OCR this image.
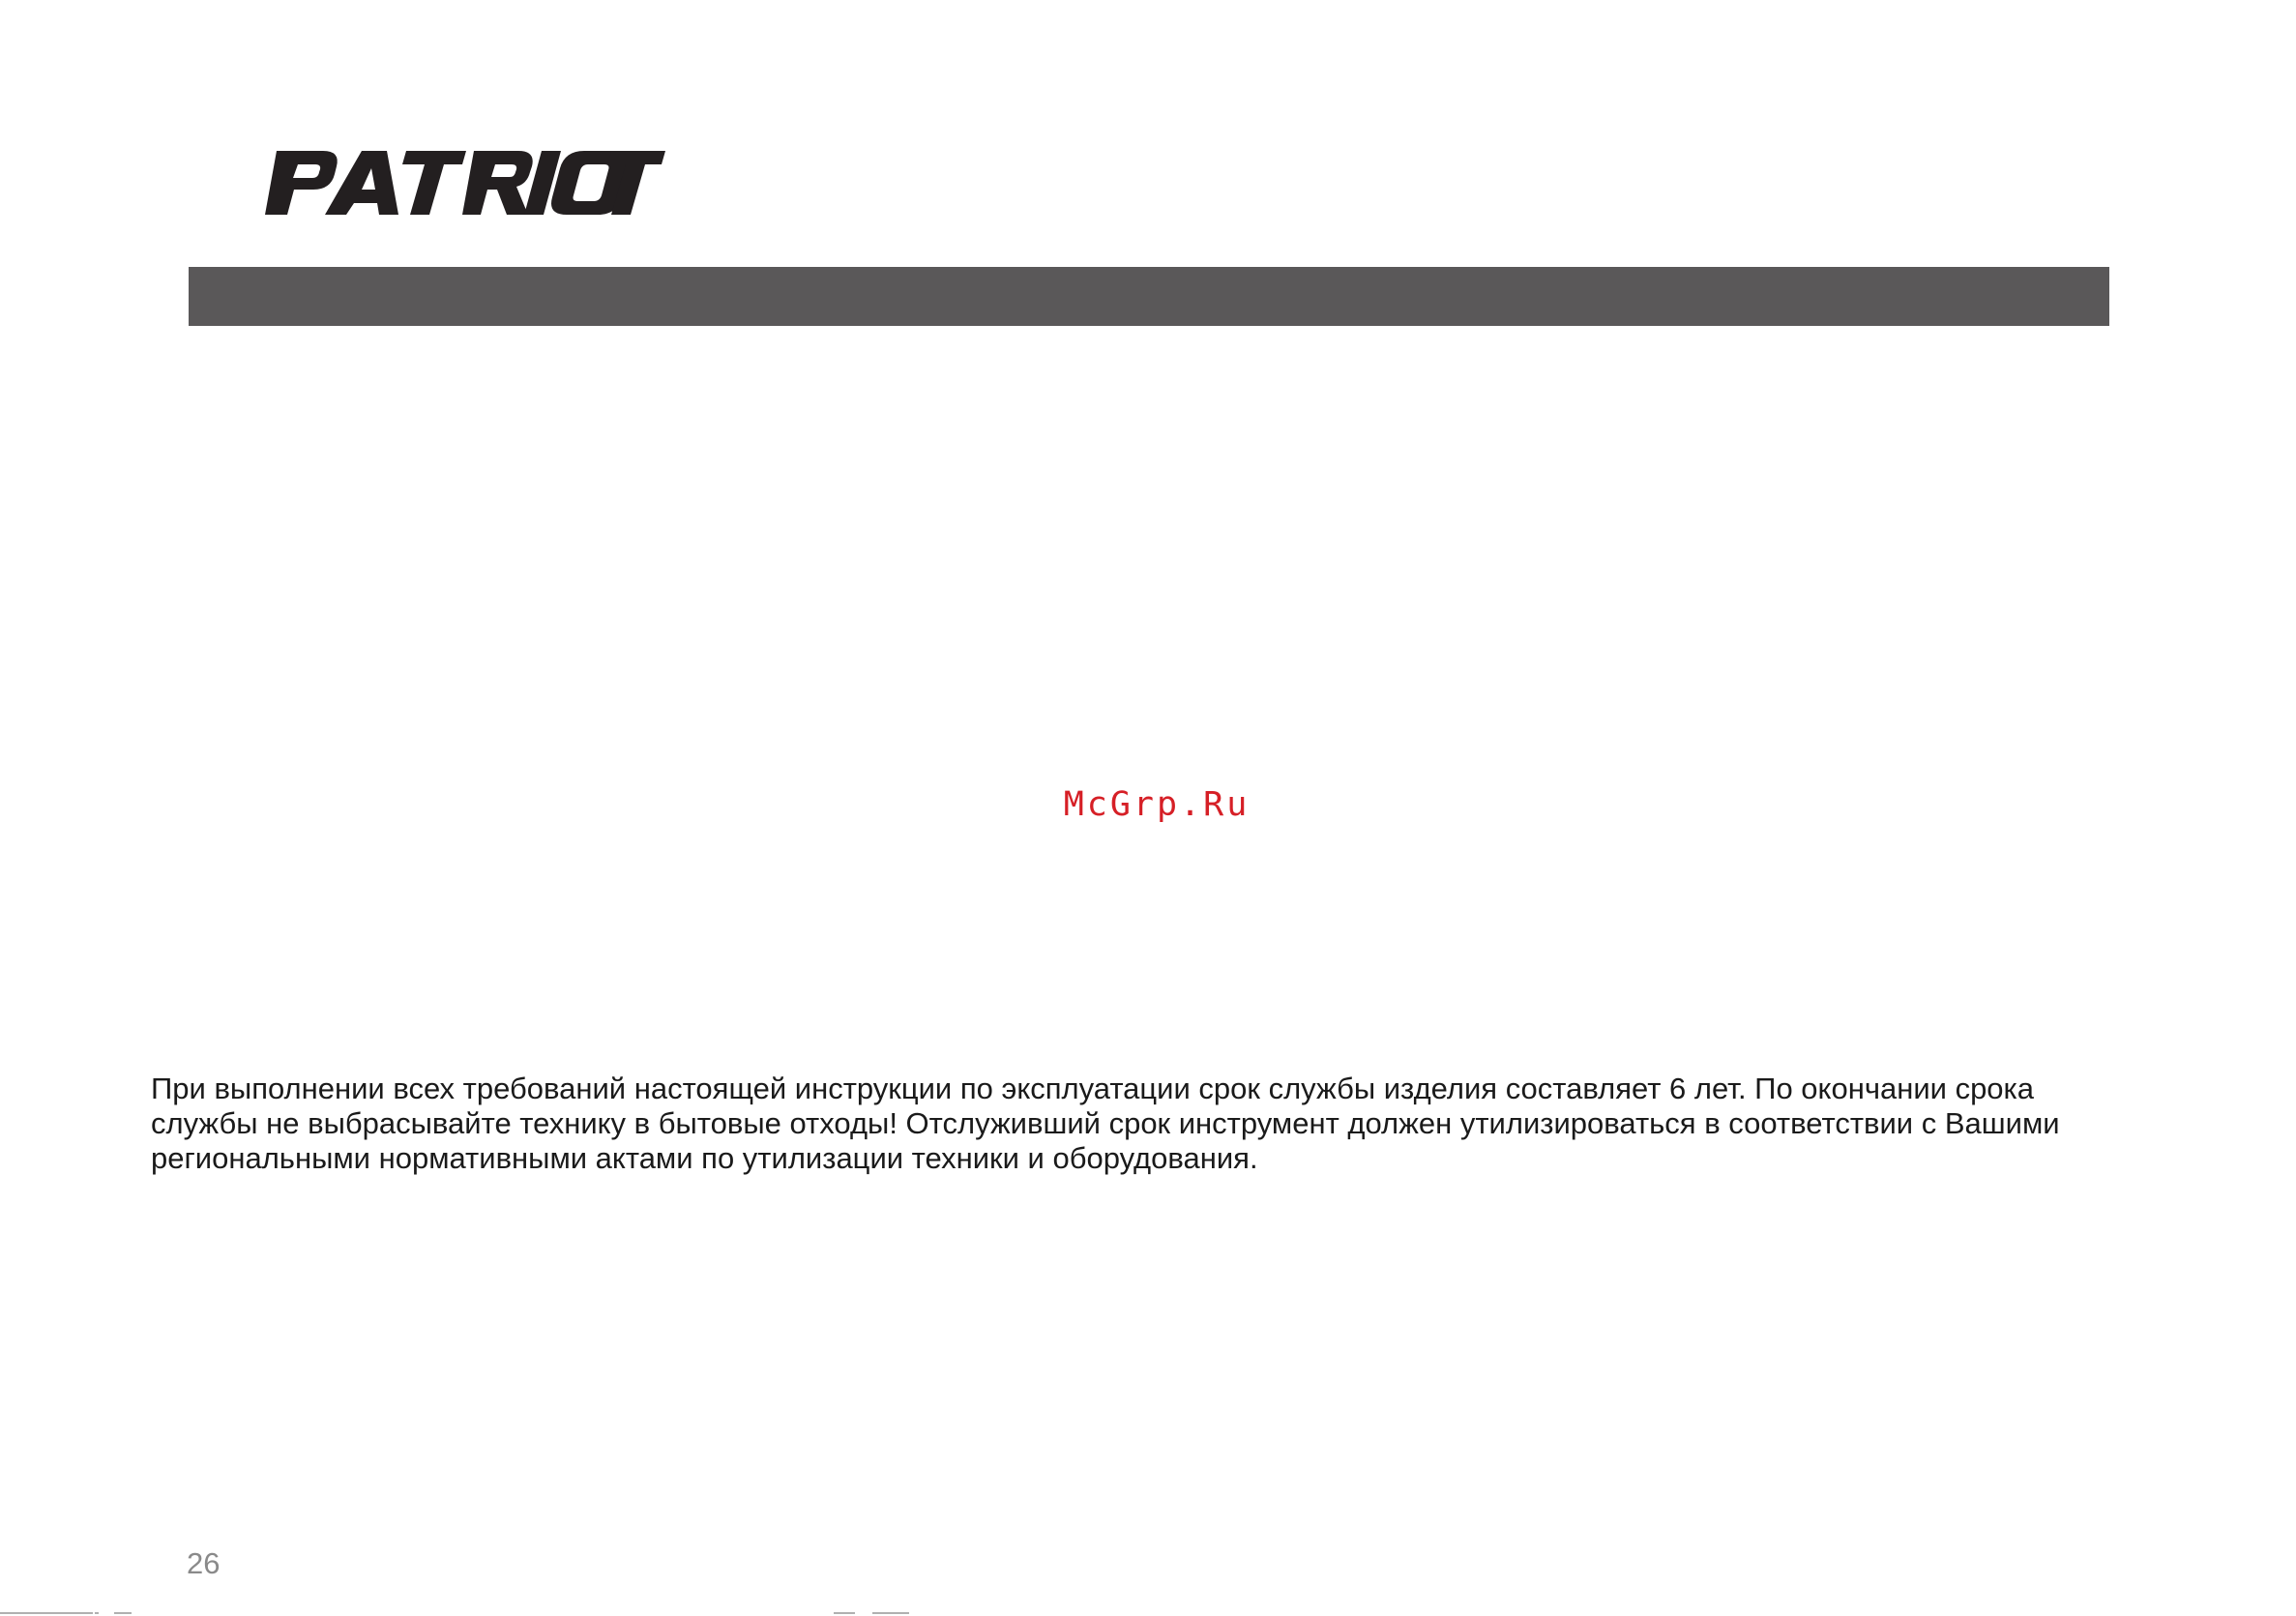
McGrp.Ru
При выполнении всех требований настоящей инструкции по эксплуатации срок службы изделия составляет 6 лет. По окончании срока
службы не выбрасывайте технику в бытовые отходы! Отслуживший срок инструмент должен утилизироваться в соответствии с Вашими
региональными нормативными актами по утилизации техники и оборудования.
26
